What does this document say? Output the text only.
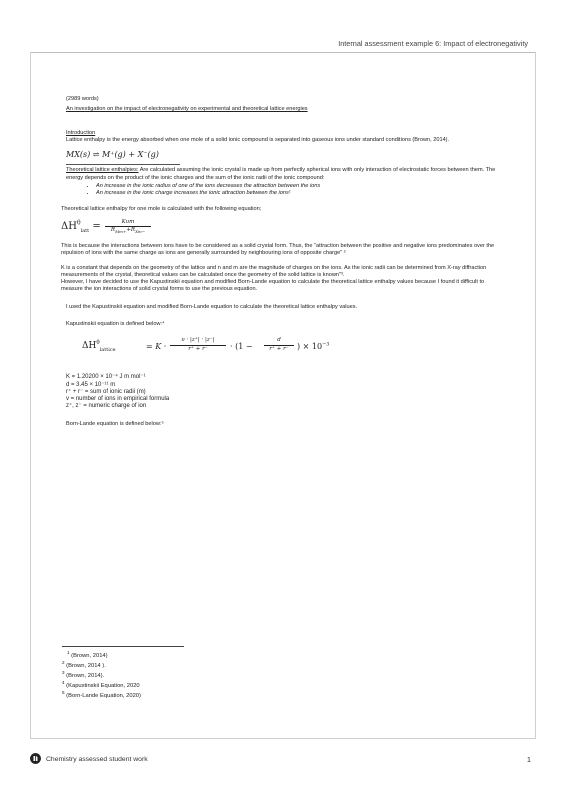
Internal assessment example 6: Impact of electronegativity

(2989 words)

An investigation on the impact of electronegativity on experimental and theoretical lattice energies

Introduction

Lattice enthalpy is the energy absorbed when one mole of a solid ionic compound is separated into gaseous ions under standard conditions (Brown, 2014).

MX(s) ⇌ M⁺(g) + X⁻(g)

Theoretical lattice enthalpies: Are calculated assuming the ionic crystal is made up from perfectly spherical ions with only interaction of electrostatic forces between them. The energy depends on the product of the ionic charges and the sum of the ionic radii of the ionic compound:

• An increase in the ionic radius of one of the ions decreases the attraction between the ions
• An increase in the ionic charge increases the ionic attraction between the ions¹

Theoretical lattice enthalpy for one mole is calculated with the following equation;

$\Delta H^\theta_{latt}$ =	Kυm
$R_{Mm+}+R_{Xm-}$

This is because the interactions between ions have to be considered as a solid crystal form. Thus, the "attraction between the positive and negative ions predominates over the repulsion of ions with the same charge as ions are generally surrounded by neighbouring ions of opposite charge" ²

K is a constant that depends on the geometry of the lattice and n and m are the magnitude of charges on the ions. As the ionic radii can be determined from X-ray diffraction measurements of the crystal, theoretical values can be calculated once the geometry of the solid lattice is known"³.

However, I have decided to use the Kapustinskii equation and modified Born-Lande equation to calculate the theoretical lattice enthalpy values because I found it difficult to measure the ion interactions of solid crystal forms to use the previous equation.

I used the Kapustinskii equation and modified Born-Lande equation to calculate the theoretical lattice enthalpy values.

Kapustinskii equation is defined below:⁴

$\Delta H^\theta_{lattice}$	= $K \cdot \frac{\upsilon \cdot |z^+| \cdot |z^-|}{r^+ + r^-} \cdot (1 - \frac{d}{r^+ + r^-}$ ) × $10^{-3}$
K = 1.20200 × 10⁻⁴ J m mol⁻¹
d = 3.45 × 10⁻¹¹ m
r⁺ + r⁻ = sum of ionic radii (m)
v = number of ions in empirical formula
z⁺, z⁻ = numeric charge of ion

Born-Lande equation is defined below:⁵

$^1$ (Brown, 2014)
$^2$ (Brown, 2014 ).
$^3$ (Brown, 2014).
$^4$ (Kapustinskii Equation, 2020
$^5$ (Born-Lande Equation, 2020)
Chemistry assessed student work	1
